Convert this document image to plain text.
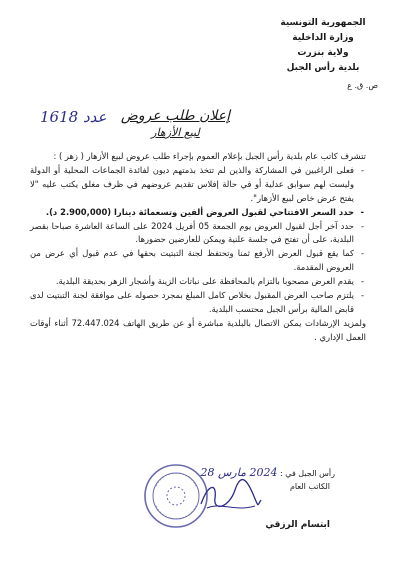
الجمهورية التونسية
وزارة الداخلية
ولاية بنزرت
بلدية رأس الجبل
ص. ق. ع
عدد 1618 إعلان طلب عروض
لبيع الأزهار

تتشرف كاتب عام بلدية رأس الجبل بإعلام العموم بإجراء طلب عروض لبيع الأزهار ( زهر ) :

- فعلى الراغبين في المشاركة والذين لم تتخذ بذمتهم ديون لفائدة الجماعات المحلية أو الدولة وليست لهم سوابق عدلية أو في حالة إفلاس تقديم عروضهم في ظرف مغلق يكتب عليه "لا يفتح عرض خاص لبيع الأزهار".
- حدد السعر الافتتاحي لقبول العروض ألفين وتسعمائة دينارا (2.900,000 د).
- حدد آخر أجل لقبول العروض يوم الجمعة 05 أفريل 2024 على الساعة العاشرة صباحا بقصر البلدية، على أن تفتح في جلسة علنية ويمكن للعارضين حضورها.
- كما يقع قبول العرض الأرفع ثمنا وتحتفظ لجنة التبتيت بحقها في عدم قبول أي عرض من العروض المقدمة.
- يقدم العرض مصحوبا بالتزام بالمحافظة على نباتات الزينة وأشجار الزهر بحديقة البلدية.
- يلتزم صاحب العرض المقبول بخلاص كامل المبلغ بمجرد حصوله على موافقة لجنة التبتيت لدى قابض المالية برأس الجبل محتسب البلدية.

ولمزيد الإرشادات يمكن الاتصال بالبلدية مباشرة أو عن طريق الهاتف 72.447.024 أثناء أوقات العمل الإداري .

رأس الجبل في : 2024 مارس 28
الكاتب العام
ابتسام الرزقي
